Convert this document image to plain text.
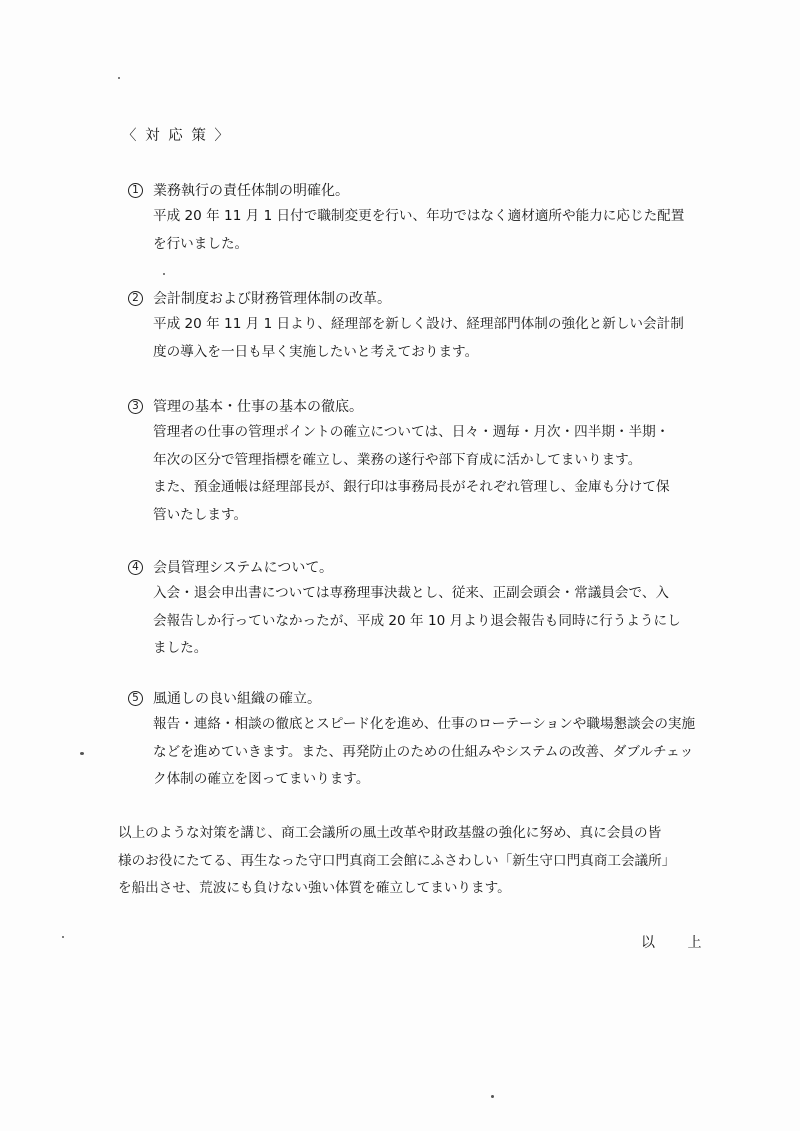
〈 対 応 策 〉
1 業務執行の責任体制の明確化。
平成 20 年 11 月 1 日付で職制変更を行い、年功ではなく適材適所や能力に応じた配置
を行いました。
2 会計制度および財務管理体制の改革。
平成 20 年 11 月 1 日より、経理部を新しく設け、経理部門体制の強化と新しい会計制
度の導入を一日も早く実施したいと考えております。
3 管理の基本・仕事の基本の徹底。
管理者の仕事の管理ポイントの確立については、日々・週毎・月次・四半期・半期・
年次の区分で管理指標を確立し、業務の遂行や部下育成に活かしてまいります。
また、預金通帳は経理部長が、銀行印は事務局長がそれぞれ管理し、金庫も分けて保
管いたします。
4 会員管理システムについて。
入会・退会申出書については専務理事決裁とし、従来、正副会頭会・常議員会で、入
会報告しか行っていなかったが、平成 20 年 10 月より退会報告も同時に行うようにし
ました。
5 風通しの良い組織の確立。
報告・連絡・相談の徹底とスピード化を進め、仕事のローテーションや職場懇談会の実施
などを進めていきます。また、再発防止のための仕組みやシステムの改善、ダブルチェッ
ク体制の確立を図ってまいります。
以上のような対策を講じ、商工会議所の風土改革や財政基盤の強化に努め、真に会員の皆
様のお役にたてる、再生なった守口門真商工会館にふさわしい「新生守口門真商工会議所」
を船出させ、荒波にも負けない強い体質を確立してまいります。
以 上
